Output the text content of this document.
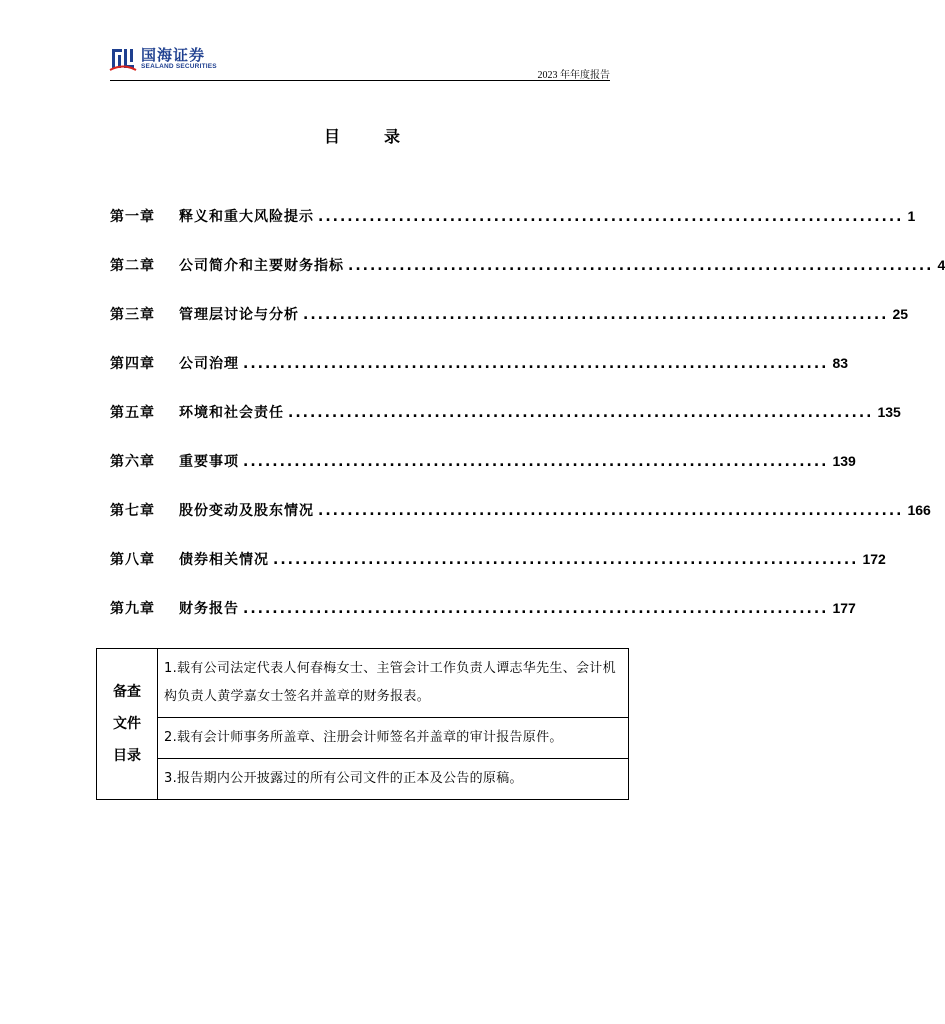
国海证券
SEALAND SECURITIES
2023 年年度报告
目	录
第一章	释义和重大风险提示 ................................................................................ 1
第二章	公司简介和主要财务指标 ................................................................................ 4
第三章	管理层讨论与分析 ................................................................................ 25
第四章	公司治理 ................................................................................ 83
第五章	环境和社会责任 ................................................................................ 135
第六章	重要事项 ................................................................................ 139
第七章	股份变动及股东情况 ................................................................................ 166
第八章	债券相关情况 ................................................................................ 172
第九章	财务报告 ................................................................................ 177
备查
文件
目录
	1.载有公司法定代表人何春梅女士、主管会计工作负责人谭志华先生、会计机构负责人黄学嘉女士签名并盖章的财务报表。
2.载有会计师事务所盖章、注册会计师签名并盖章的审计报告原件。
3.报告期内公开披露过的所有公司文件的正本及公告的原稿。
